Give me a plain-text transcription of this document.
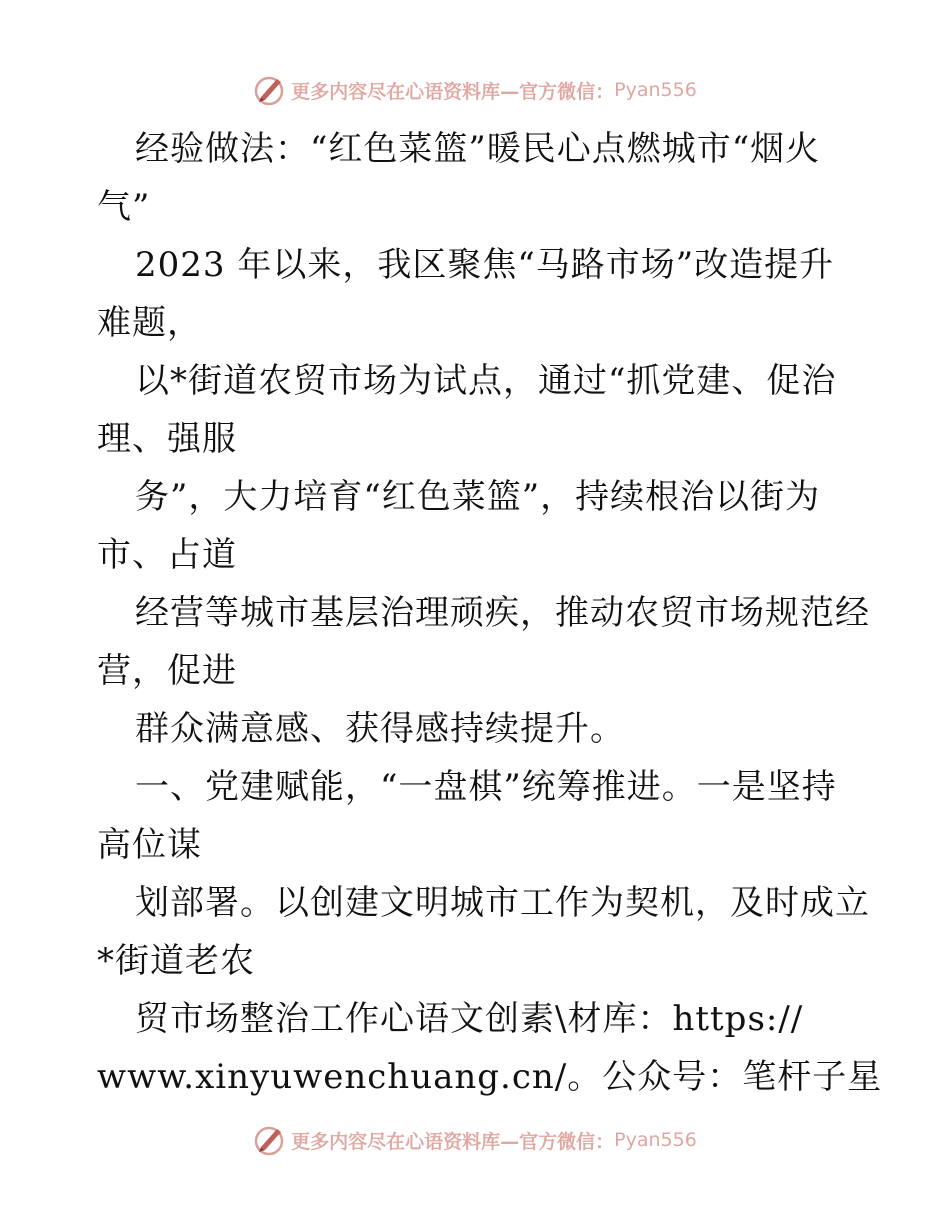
更多内容尽在心语资料库—官方微信： Pyan556
经验做法：“红色菜篮”暖民心点燃城市“烟火
气”
2023 年以来，我区聚焦“马路市场”改造提升
难题，
以*街道农贸市场为试点，通过“抓党建、促治
理、强服
务”，大力培育“红色菜篮”，持续根治以街为
市、占道
经营等城市基层治理顽疾，推动农贸市场规范经
营，促进
群众满意感、获得感持续提升。
一、党建赋能，“一盘棋”统筹推进。一是坚持
高位谋
划部署。以创建文明城市工作为契机，及时成立
*街道老农
贸市场整治工作心语文创素\材库：https://
www.xinyuwenchuang.cn/。公众号：笔杆子星
更多内容尽在心语资料库—官方微信： Pyan556
